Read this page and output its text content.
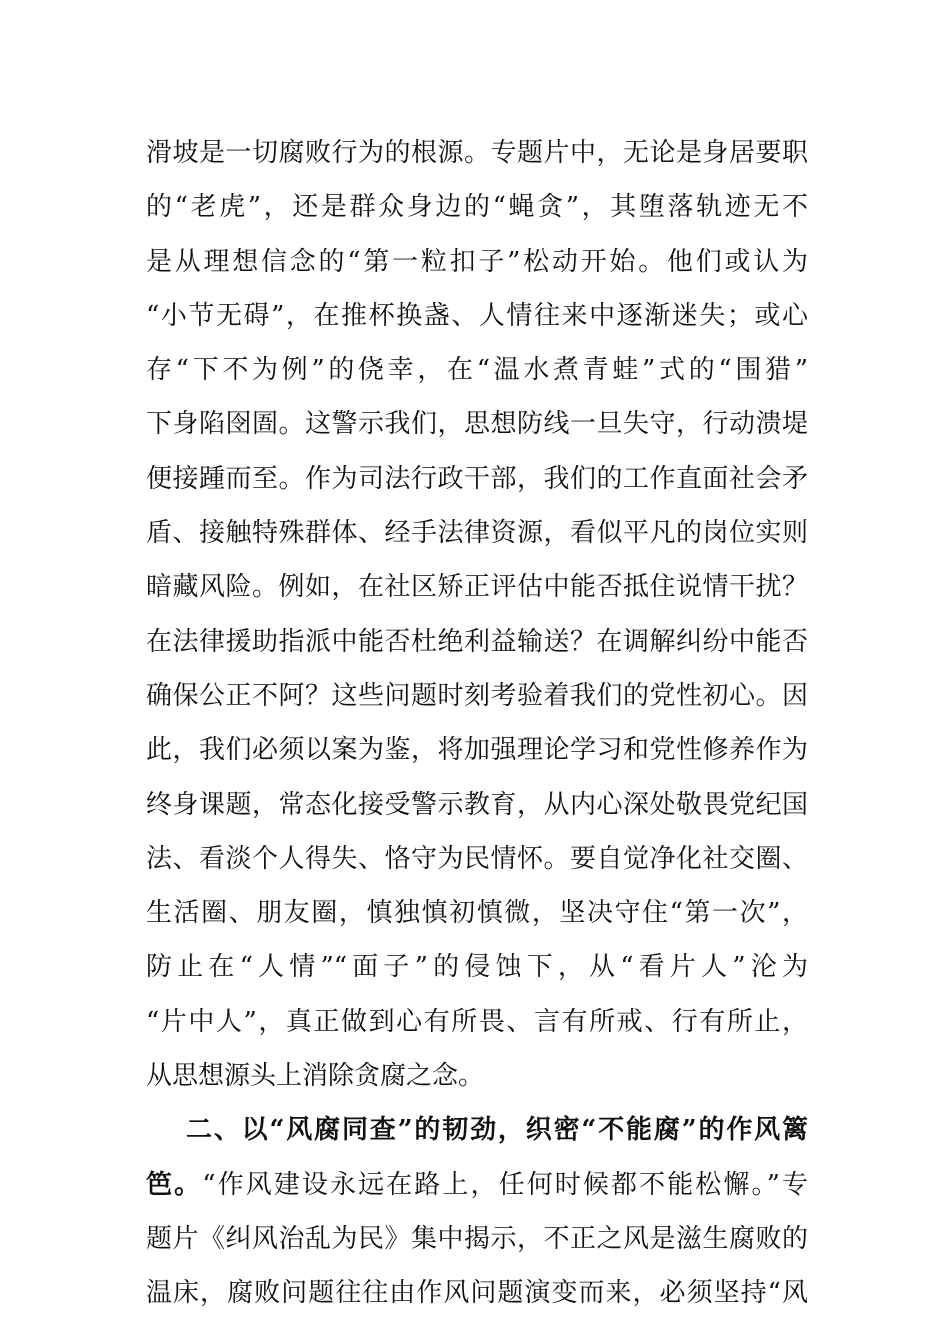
滑坡是一切腐败行为的根源。专题片中，无论是身居要职
的“老虎”，还是群众身边的“蝇贪”，其堕落轨迹无不
是从理想信念的“第一粒扣子”松动开始。他们或认为
“小节无碍”，在推杯换盏、人情往来中逐渐迷失；或心
存“下不为例”的侥幸，在“温水煮青蛙”式的“围猎”
下身陷囹圄。这警示我们，思想防线一旦失守，行动溃堤
便接踵而至。作为司法行政干部，我们的工作直面社会矛
盾、接触特殊群体、经手法律资源，看似平凡的岗位实则
暗藏风险。例如，在社区矫正评估中能否抵住说情干扰？
在法律援助指派中能否杜绝利益输送？在调解纠纷中能否
确保公正不阿？这些问题时刻考验着我们的党性初心。因
此，我们必须以案为鉴，将加强理论学习和党性修养作为
终身课题，常态化接受警示教育，从内心深处敬畏党纪国
法、看淡个人得失、恪守为民情怀。要自觉净化社交圈、
生活圈、朋友圈，慎独慎初慎微，坚决守住“第一次”，
防止在“人情”“面子”的侵蚀下，从“看片人”沦为
“片中人”，真正做到心有所畏、言有所戒、行有所止，
从思想源头上消除贪腐之念。
二、以“风腐同查”的韧劲，织密“不能腐”的作风篱
笆。“作风建设永远在路上，任何时候都不能松懈。”专
题片《纠风治乱为民》集中揭示，不正之风是滋生腐败的
温床，腐败问题往往由作风问题演变而来，必须坚持“风
